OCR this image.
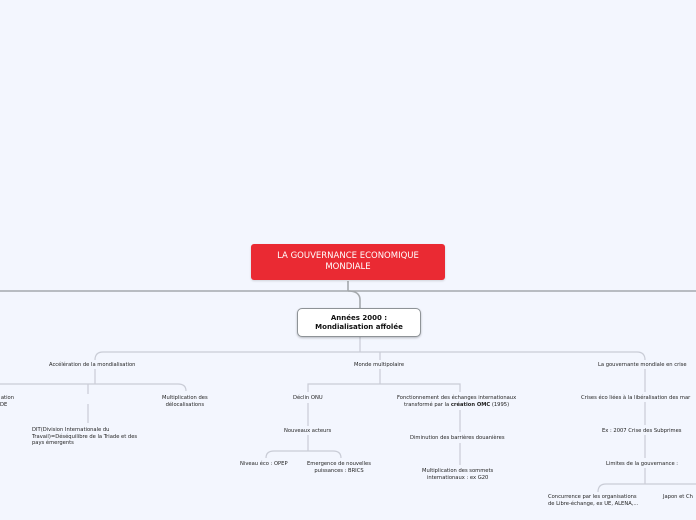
LA GOUVERNANCE ECONOMIQUE
MONDIALE
Années 2000 :
Mondialisation affolée
Accélération de la mondialisation	Monde multipolaire	La gouvernante mondiale en crise
ation
DE
DIT(Division Internationale du
Travail)=Déséquilibre de la Triade et des
pays émergents
Multiplication des
délocalisations
Déclin ONU
Nouveaux acteurs
Niveau éco : OPEP	Emergence de nouvelles
puissances : BRICS
Fonctionnement des échanges internationaux
transformé par la création OMC (1995)
Diminution des barrières douanières
Multiplication des sommets
internationaux : ex G20
Crises éco liées à la libéralisation des mar
Ex : 2007 Crise des Subprimes
Limites de la gouvernance :
Concurrence par les organisations
de Libre-échange, ex UE, ALENA,...
Japon et Ch
